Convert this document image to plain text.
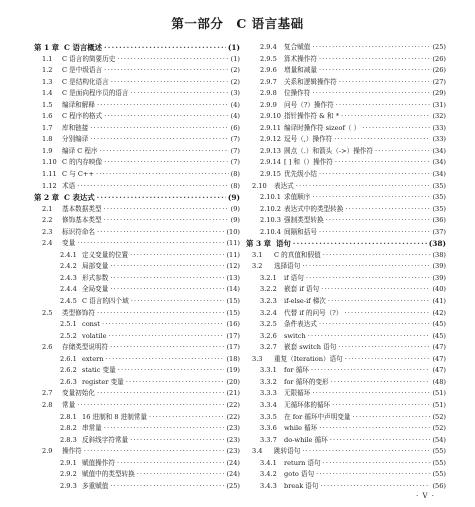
第一部分　C 语言基础
第 1 章 C 语言概述 ·····	(1)
1.1	C 语言的简要历史 ·····	(1)
1.2	C 是中级语言 ·····	(2)
1.3	C 是结构化语言 ·····	(2)
1.4	C 是面向程序员的语言 ·····	(3)
1.5	编译和解释 ·····	(4)
1.6	C 程序的格式 ·····	(4)
1.7	库和链接 ·····	(6)
1.8	分别编译 ·····	(7)
1.9	编译 C 程序 ·····	(7)
1.10 C 的内存映像 ·····	(7)
1.11 C 与 C++ ·····	(8)
1.12 术语 ·····	(8)
第 2 章 C 表达式 ·····	(9)
2.1	基本数据类型 ·····	(9)
2.2	修饰基本类型 ·····	(9)
2.3	标识符命名 ·····	(10)
2.4	变量 ·····	(11)
2.4.1 定义变量的位置 ·····	(11)
2.4.2 局部变量 ·····	(12)
2.4.3 形式参数 ·····	(13)
2.4.4 全局变量 ·····	(14)
2.4.5 C 语言的四个域 ·····	(15)
2.5	类型修饰符 ·····	(15)
2.5.1 const ·····	(16)
2.5.2 volatile ·····	(17)
2.6	存储类型说明符 ·····	(17)
2.6.1 extern ·····	(18)
2.6.2 static 变量 ·····	(19)
2.6.3 register 变量 ·····	(20)
2.7	变量初始化 ·····	(21)
2.8	常量 ·····	(22)
2.8.1 16 进制和 8 进制常量 ·····	(22)
2.8.2 串常量 ·····	(23)
2.8.3 反斜线字符常量 ·····	(23)
2.9	操作符 ·····	(23)
2.9.1 赋值操作符 ·····	(24)
2.9.2 赋值中的类型转换 ·····	(24)
2.9.3 多重赋值 ·····	(25)
2.9.4	复合赋值 ·····	(25)
2.9.5	算术操作符 ·····	(26)
2.9.6	增量和减量 ·····	(26)
2.9.7	关系和逻辑操作符 ·····	(27)
2.9.8	位操作符 ·····	(29)
2.9.9	问号（?）操作符 ·····	(31)
2.9.10 指针操作符 & 和 * ·····	(32)
2.9.11 编译时操作符 sizeof（ ） ·····	(33)
2.9.12 逗号（,）操作符 ·····	(33)
2.9.13 圆点（.）和箭头（->）操作符 ·····	(34)
2.9.14 [ ] 和（）操作符 ·····	(34)
2.9.15 优先级小结 ·····	(34)
2.10	表达式 ·····	(35)
2.10.1 求值顺序 ·····	(35)
2.10.2 表达式中的类型转换 ·····	(35)
2.10.3 强制类型转换 ·····	(36)
2.10.4 间隔和括号 ·····	(37)
第 3 章 语句 ·····	(38)
3.1	C 的真值和假值 ·····	(38)
3.2	选择语句 ·····	(39)
3.2.1	if 语句 ·····	(39)
3.2.2	嵌套 if 语句 ·····	(40)
3.2.3	if-else-if 梯次 ·····	(41)
3.2.4	代替 if 的问号（?） ·····	(42)
3.2.5	条件表达式 ·····	(45)
3.2.6	switch ·····	(45)
3.2.7	嵌套 switch 语句 ·····	(47)
3.3	重复（Iteration）语句 ·····	(47)
3.3.1	for 循环 ·····	(47)
3.3.2	for 循环的变形 ·····	(48)
3.3.3	无限循环 ·····	(51)
3.3.4	无循环体的循环 ·····	(51)
3.3.5	在 for 循环中声明变量 ·····	(52)
3.3.6	while 循环 ·····	(52)
3.3.7	do-while 循环 ·····	(54)
3.4	跳转语句 ·····	(55)
3.4.1	return 语句 ·····	(55)
3.4.2	goto 语句 ·····	(55)
3.4.3	break 语句 ·····	(56)
· V ·
